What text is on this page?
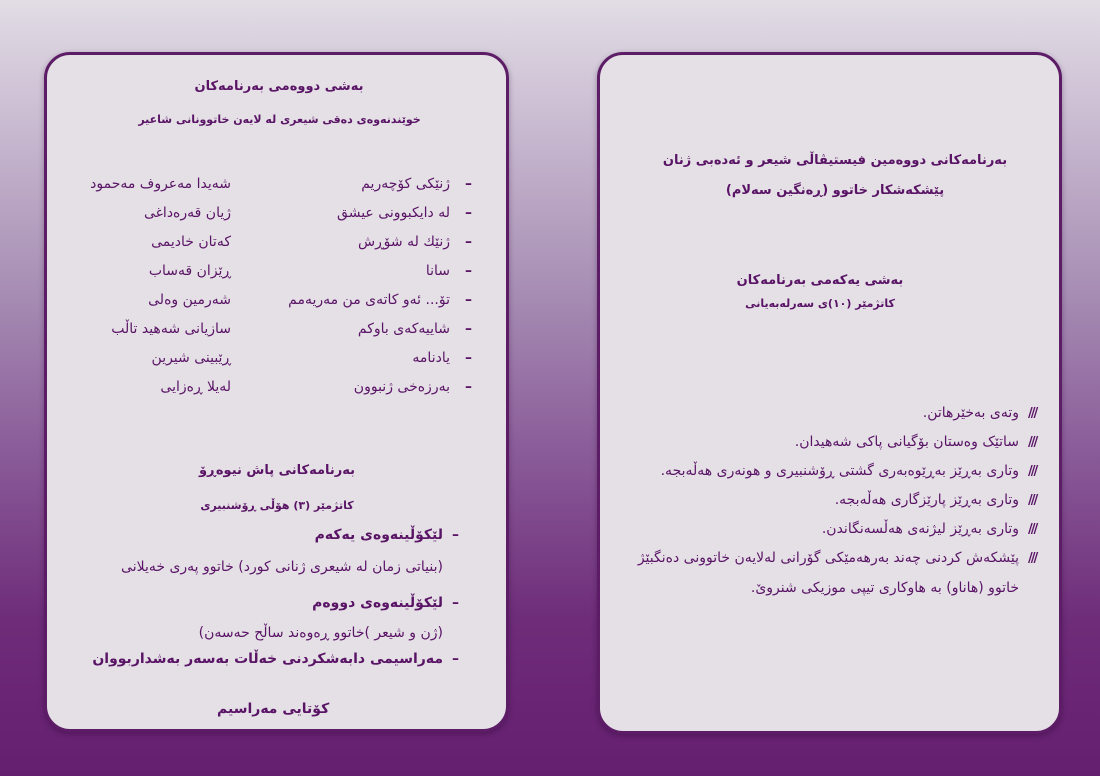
بەشی دووەمی بەرنامەکان
خوێندنەوەی دەقی شیعری لە لایەن خاتوونانی شاعیر
–
ژنێکی کۆچەریم
شەیدا مەعروف مەحمود
–
لە دایکبوونی عیشق
ژیان قەرەداغی
–
ژنێك لە شۆڕش
کەتان خادیمی
–
سانا
ڕێزان قەساب
–
تۆ... ئەو کاتەی من مەریەمم
شەرمین وەلی
–
شاییەکەی باوکم
سازیانی شەهید تاڵب
–
یادنامە
ڕێبینی شیرین
–
بەرزەخی ژنبوون
لەیلا ڕەزایی
بەرنامەکانی پاش نیوەڕۆ
کاتژمێر (٣) هۆڵی ڕۆشنبیری
–
لێکۆڵینەوەی یەکەم
(بنیاتی زمان لە شیعری ژنانی کورد) خاتوو پەری خەیلانی
–
لێکۆڵینەوەی دووەم
(ژن و شیعر )خاتوو ڕەوەند ساڵح حەسەن)
–
مەراسیمی دابەشکردنی خەڵات بەسەر بەشداربووان
کۆتایی مەراسیم
بەرنامەکانی دووەمین فیستیڤاڵی شیعر و ئەدەبی ژنان
پێشکەشکار خاتوو (ڕەنگین سەلام)
بەشی یەکەمی بەرنامەکان
کاتژمێر (١٠)ی سەرلەبەیانی
///
وتەی بەخێرهاتن.
///
ساتێک وەستان بۆگیانی پاکی شەهیدان.
///
وتاری بەڕێز بەڕێوەبەری گشتی ڕۆشنبیری و هونەری هەڵەبجە.
///
وتاری بەڕێز پارێزگاری هەڵەبجە.
///
وتاری بەڕێز لیژنەی هەڵسەنگاندن.
///
پێشکەش کردنی چەند بەرهەمێکی گۆرانی لەلایەن خاتوونی دەنگبێژ
خاتوو (هاناو) بە هاوکاری تیپی موزیکی شنروێ.
